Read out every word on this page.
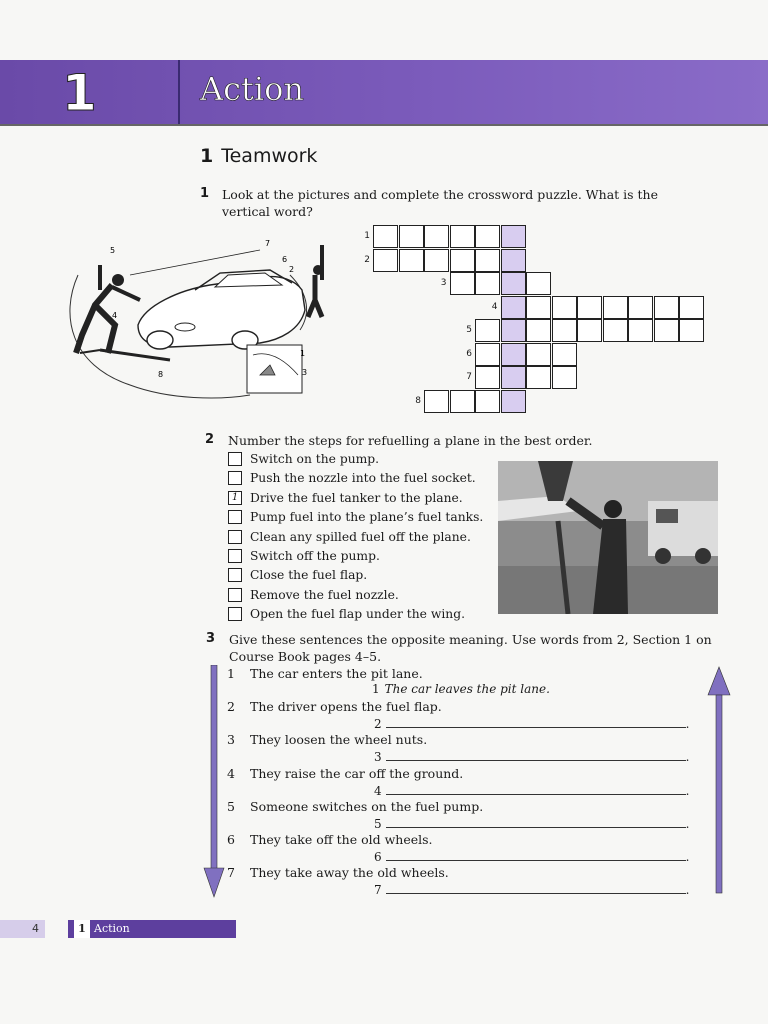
1	Action
1 Teamwork
1 Look at the pictures and complete the crossword puzzle. What is the
vertical word?
5
7
6
2
4
8
1
3
1
2
3
4
5
6
7
8
2 Number the steps for refuelling a plane in the best order.
Switch on the pump.
Push the nozzle into the fuel socket.
1 Drive the fuel tanker to the plane.
Pump fuel into the plane’s fuel tanks.
Clean any spilled fuel off the plane.
Switch off the pump.
Close the fuel flap.
Remove the fuel nozzle.
Open the fuel flap under the wing.
3 Give these sentences the opposite meaning. Use words from 2, Section 1 on
Course Book pages 4–5.
1 The car enters the pit lane.
1 The car leaves the pit lane.
2 The driver opens the fuel flap.
2	.
3 They loosen the wheel nuts.
3	.
4 They raise the car off the ground.
4	.
5 Someone switches on the fuel pump.
5	.
6 They take off the old wheels.
6	.
7 They take away the old wheels.
7	.
4	1 Action
